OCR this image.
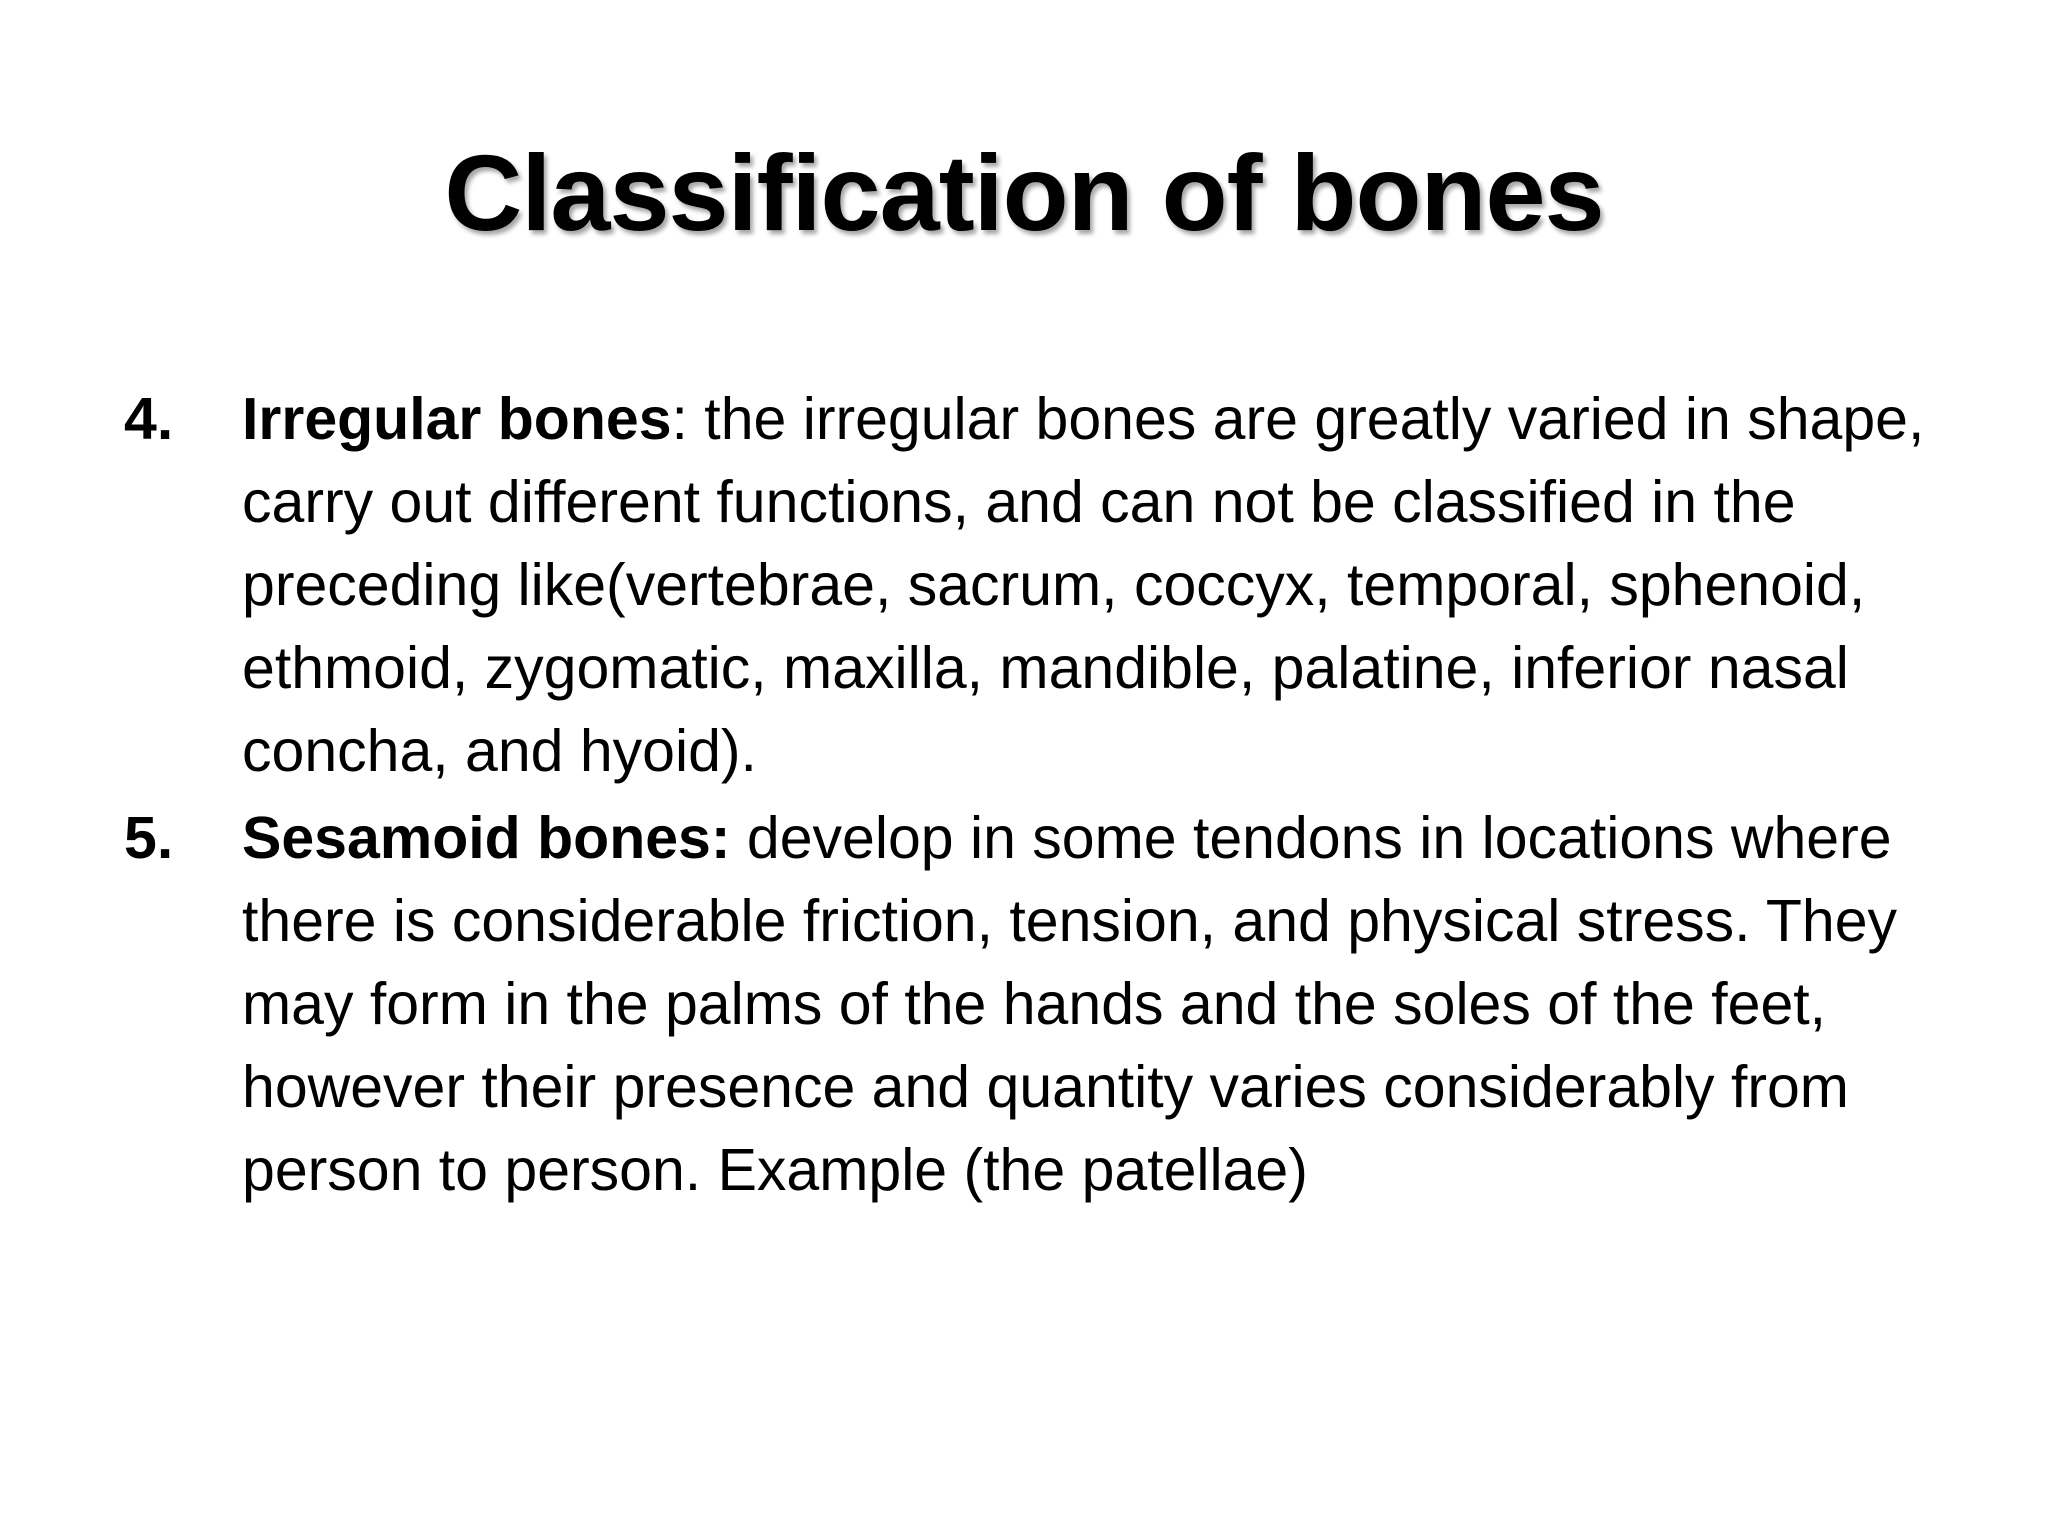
Classification of bones
4. Irregular bones: the irregular bones are greatly varied in shape, carry out different functions, and can not be classified in the preceding like(vertebrae, sacrum, coccyx, temporal, sphenoid, ethmoid, zygomatic, maxilla, mandible, palatine, inferior nasal concha, and hyoid).
5. Sesamoid bones: develop in some tendons in locations where there is considerable friction, tension, and physical stress. They may form in the palms of the hands and the soles of the feet, however their presence and quantity varies considerably from person to person. Example (the patellae)
